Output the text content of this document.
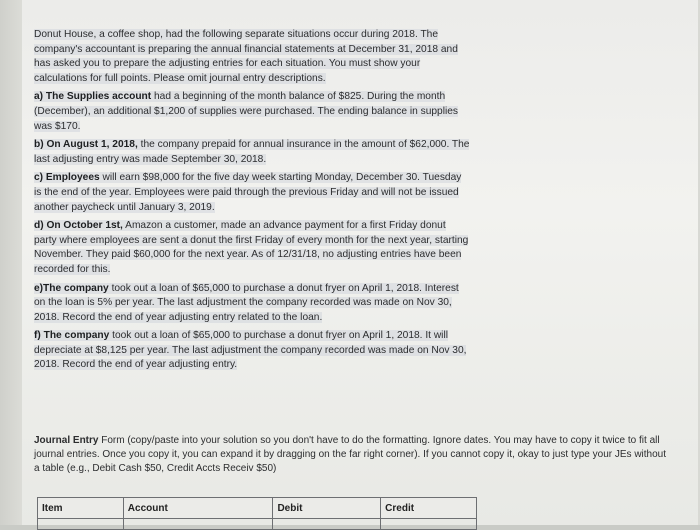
Donut House, a coffee shop, had the following separate situations occur during 2018. The company's accountant is preparing the annual financial statements at December 31, 2018 and has asked you to prepare the adjusting entries for each situation. You must show your calculations for full points. Please omit journal entry descriptions.

a) The Supplies account had a beginning of the month balance of $825. During the month (December), an additional $1,200 of supplies were purchased. The ending balance in supplies was $170.

b) On August 1, 2018, the company prepaid for annual insurance in the amount of $62,000. The last adjusting entry was made September 30, 2018.

c) Employees will earn $98,000 for the five day week starting Monday, December 30. Tuesday is the end of the year. Employees were paid through the previous Friday and will not be issued another paycheck until January 3, 2019.

d) On October 1st, Amazon a customer, made an advance payment for a first Friday donut party where employees are sent a donut the first Friday of every month for the next year, starting November. They paid $60,000 for the next year. As of 12/31/18, no adjusting entries have been recorded for this.

e)The company took out a loan of $65,000 to purchase a donut fryer on April 1, 2018. Interest on the loan is 5% per year. The last adjustment the company recorded was made on Nov 30, 2018. Record the end of year adjusting entry related to the loan.

f) The company took out a loan of $65,000 to purchase a donut fryer on April 1, 2018. It will depreciate at $8,125 per year. The last adjustment the company recorded was made on Nov 30, 2018. Record the end of year adjusting entry.

Journal Entry Form (copy/paste into your solution so you don't have to do the formatting. Ignore dates. You may have to copy it twice to fit all journal entries. Once you copy it, you can expand it by dragging on the far right corner). If you cannot copy it, okay to just type your JEs without a table (e.g., Debit Cash $50, Credit Accts Receiv $50)
Item	Account	Debit	Credit
